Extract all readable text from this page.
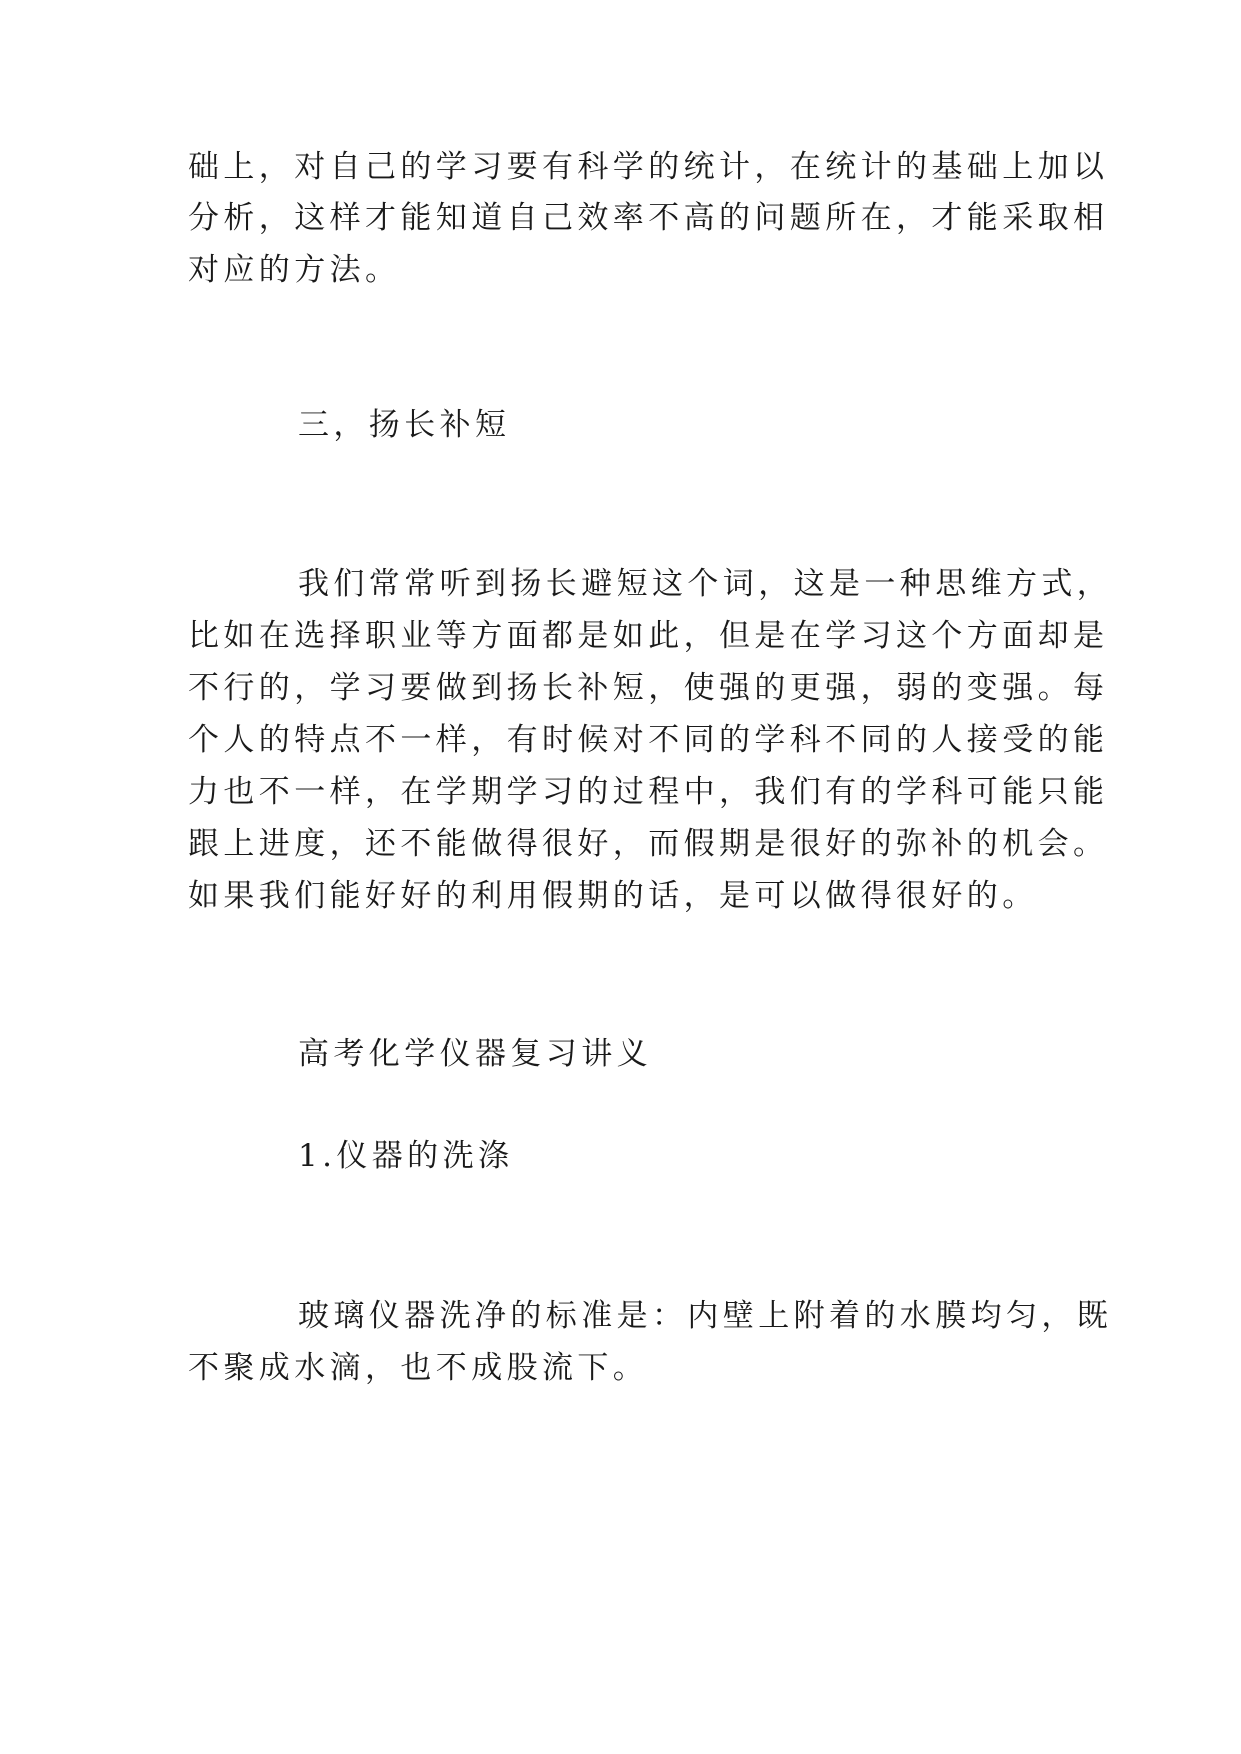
础上，对自己的学习要有科学的统计，在统计的基础上加以
分析，这样才能知道自己效率不高的问题所在，才能采取相
对应的方法。
三，扬长补短
我们常常听到扬长避短这个词，这是一种思维方式，
比如在选择职业等方面都是如此，但是在学习这个方面却是
不行的，学习要做到扬长补短，使强的更强，弱的变强。每
个人的特点不一样，有时候对不同的学科不同的人接受的能
力也不一样，在学期学习的过程中，我们有的学科可能只能
跟上进度，还不能做得很好，而假期是很好的弥补的机会。
如果我们能好好的利用假期的话，是可以做得很好的。
高考化学仪器复习讲义
1.仪器的洗涤
玻璃仪器洗净的标准是：内壁上附着的水膜均匀，既
不聚成水滴，也不成股流下。
